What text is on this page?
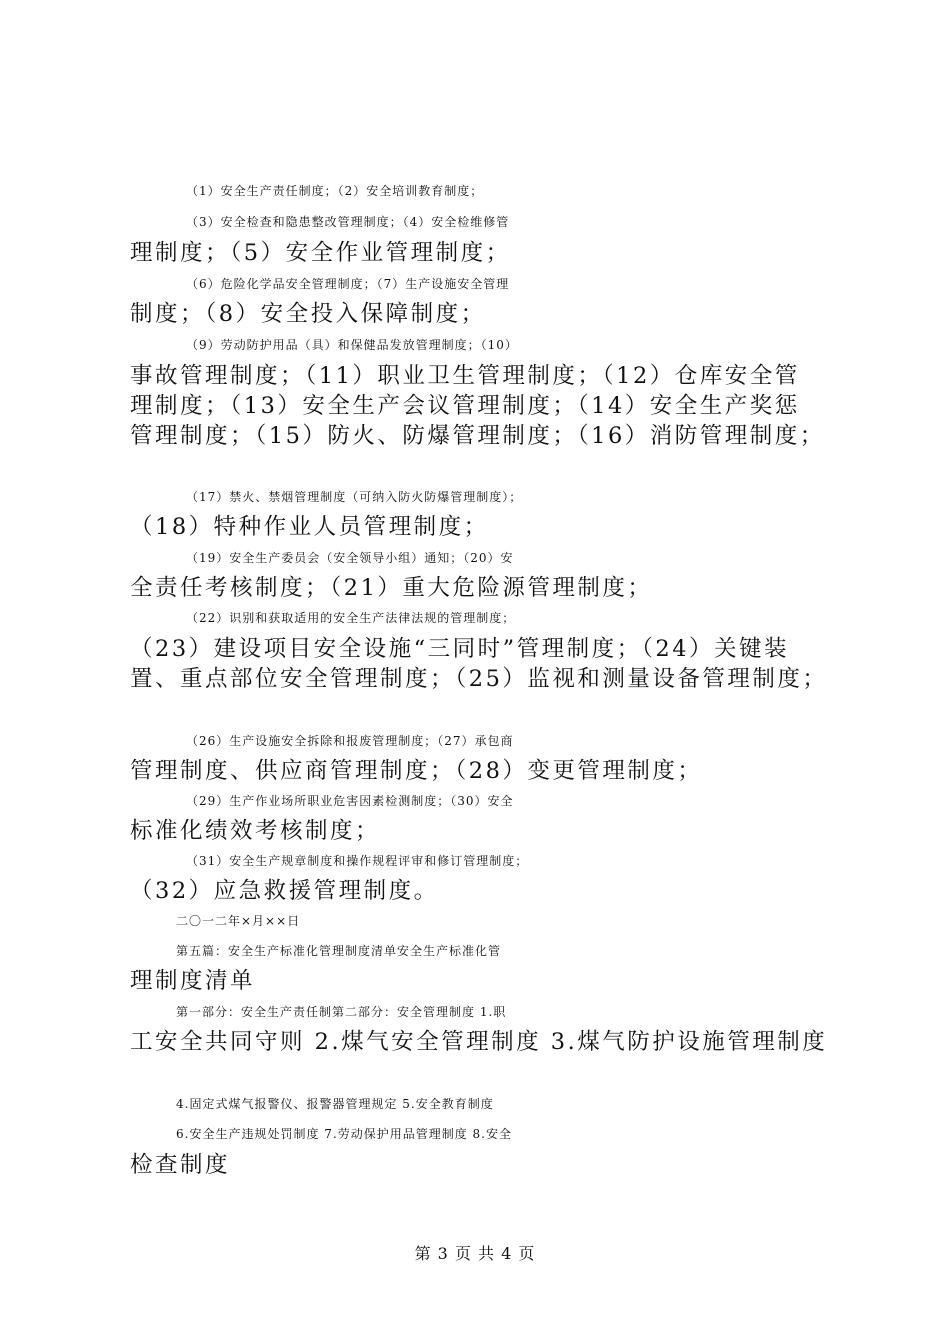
（1）安全生产责任制度；（2）安全培训教育制度；
（3）安全检查和隐患整改管理制度；（4）安全检维修管
理制度；（5）安全作业管理制度；
（6）危险化学品安全管理制度；（7）生产设施安全管理
制度；（8）安全投入保障制度；
（9）劳动防护用品（具）和保健品发放管理制度；（10）
事故管理制度；（11）职业卫生管理制度；（12）仓库安全管
理制度；（13）安全生产会议管理制度；（14）安全生产奖惩
管理制度；（15）防火、防爆管理制度；（16）消防管理制度；
（17）禁火、禁烟管理制度（可纳入防火防爆管理制度）；
（18）特种作业人员管理制度；
（19）安全生产委员会（安全领导小组）通知；（20）安
全责任考核制度；（21）重大危险源管理制度；
（22）识别和获取适用的安全生产法律法规的管理制度；
（23）建设项目安全设施“三同时”管理制度；（24）关键装
置、重点部位安全管理制度；（25）监视和测量设备管理制度；
（26）生产设施安全拆除和报废管理制度；（27）承包商
管理制度、供应商管理制度；（28）变更管理制度；
（29）生产作业场所职业危害因素检测制度；（30）安全
标准化绩效考核制度；
（31）安全生产规章制度和操作规程评审和修订管理制度；
（32）应急救援管理制度。
二〇一二年×月××日
第五篇：安全生产标准化管理制度清单安全生产标准化管
理制度清单
第一部分：安全生产责任制第二部分：安全管理制度 1.职
工安全共同守则 2.煤气安全管理制度 3.煤气防护设施管理制度
4.固定式煤气报警仪、报警器管理规定 5.安全教育制度
6.安全生产违规处罚制度 7.劳动保护用品管理制度 8.安全
检查制度
第 3 页 共 4 页
